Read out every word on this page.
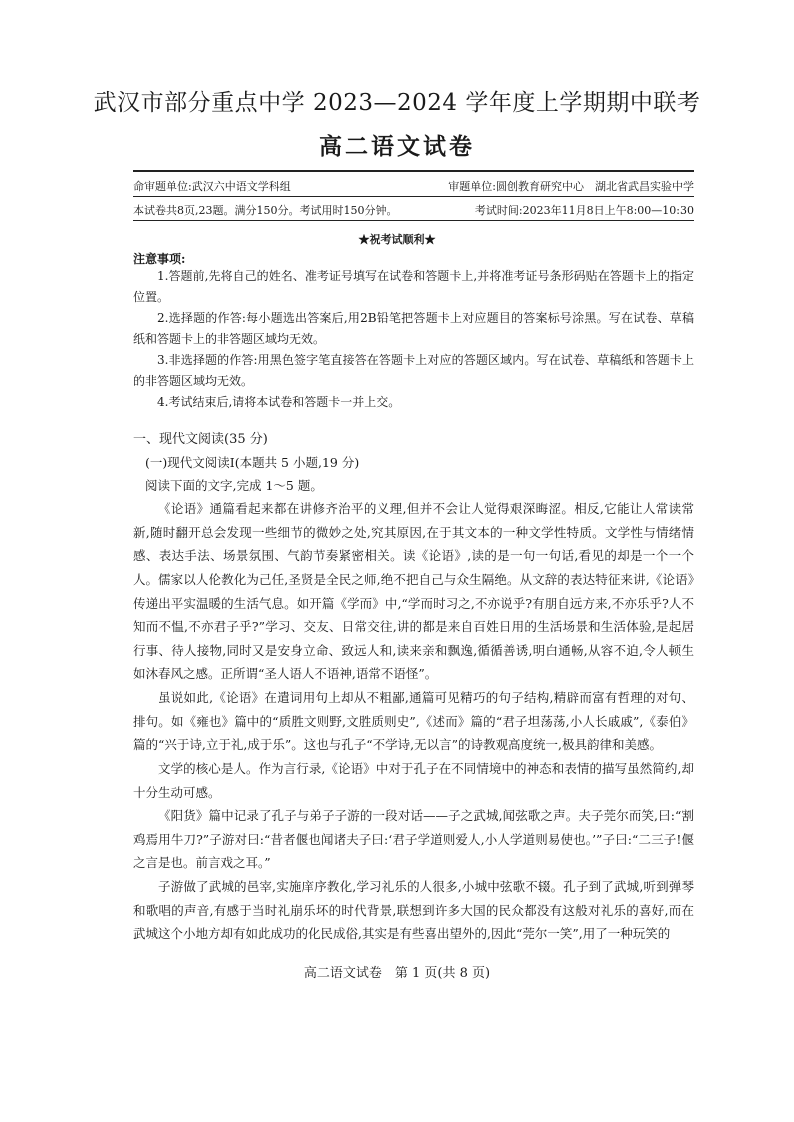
武汉市部分重点中学 2023—2024 学年度上学期期中联考
高二语文试卷
命审题单位:武汉六中语文学科组	审题单位:圆创教育研究中心　湖北省武昌实验中学
本试卷共8页,23题。满分150分。考试用时150分钟。	考试时间:2023年11月8日上午8:00—10:30
★祝考试顺利★
注意事项:
1.答题前,先将自己的姓名、准考证号填写在试卷和答题卡上,并将准考证号条形码贴在答题卡上的指定位置。
2.选择题的作答:每小题选出答案后,用2B铅笔把答题卡上对应题目的答案标号涂黑。写在试卷、草稿纸和答题卡上的非答题区域均无效。
3.非选择题的作答:用黑色签字笔直接答在答题卡上对应的答题区域内。写在试卷、草稿纸和答题卡上的非答题区域均无效。
4.考试结束后,请将本试卷和答题卡一并上交。
一、现代文阅读(35 分)
(一)现代文阅读Ⅰ(本题共 5 小题,19 分)
阅读下面的文字,完成 1～5 题。
《论语》通篇看起来都在讲修齐治平的义理,但并不会让人觉得艰深晦涩。相反,它能让人常读常新,随时翻开总会发现一些细节的微妙之处,究其原因,在于其文本的一种文学性特质。文学性与情绪情感、表达手法、场景氛围、气韵节奏紧密相关。读《论语》,读的是一句一句话,看见的却是一个一个人。 儒家以人伦教化为己任,圣贤是全民之师,绝不把自己与众生隔绝。从文辞的表达特征来讲,《论语》传递出平实温暖的生活气息。如开篇《学而》中,“学而时习之,不亦说乎?有朋自远方来,不亦乐乎?人不知而不愠,不亦君子乎?”学习、交友、日常交往,讲的都是来自百姓日用的生活场景和生活体验,是起居行事、待人接物,同时又是安身立命、致远人和,读来亲和飘逸,循循善诱,明白通畅,从容不迫,令人顿生如沐春风之感。正所谓“圣人语人不语神,语常不语怪”。
虽说如此,《论语》在遣词用句上却从不粗鄙,通篇可见精巧的句子结构,精辟而富有哲理的对句、排句。如《雍也》篇中的“质胜文则野,文胜质则史”,《述而》篇的“君子坦荡荡,小人长戚戚”,《泰伯》篇的“兴于诗,立于礼,成于乐”。这也与孔子“不学诗,无以言”的诗教观高度统一,极具韵律和美感。
文学的核心是人。作为言行录,《论语》中对于孔子在不同情境中的神态和表情的描写虽然简约,却十分生动可感。
《阳货》篇中记录了孔子与弟子子游的一段对话——子之武城,闻弦歌之声。夫子莞尔而笑,曰:“割鸡焉用牛刀?”子游对曰:“昔者偃也闻诸夫子曰:‘君子学道则爱人,小人学道则易使也。’”子曰:“二三子!偃之言是也。前言戏之耳。”
子游做了武城的邑宰,实施庠序教化,学习礼乐的人很多,小城中弦歌不辍。孔子到了武城,听到弹琴和歌唱的声音,有感于当时礼崩乐坏的时代背景,联想到许多大国的民众都没有这般对礼乐的喜好,而在武城这个小地方却有如此成功的化民成俗,其实是有些喜出望外的,因此“莞尔一笑”,用了一种玩笑的
高二语文试卷　第 1 页(共 8 页)
